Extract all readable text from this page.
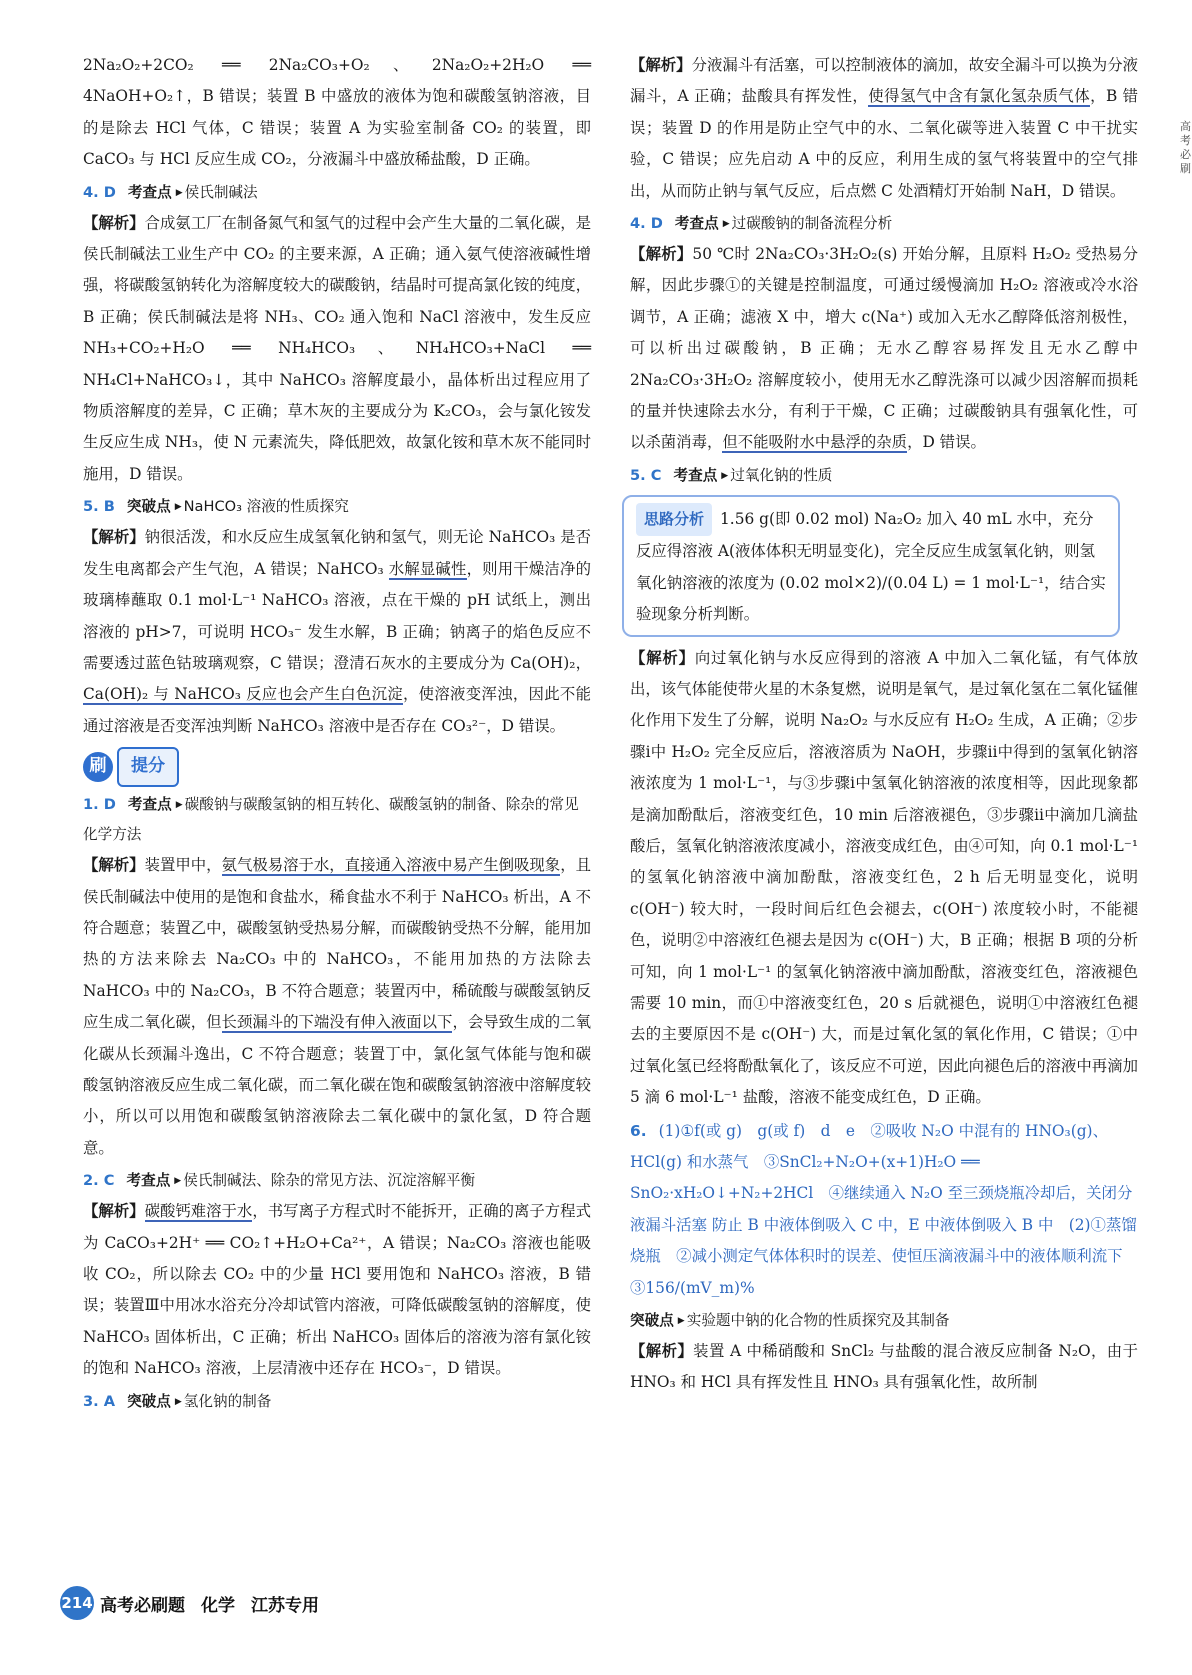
2Na₂O₂+2CO₂ ══ 2Na₂CO₃+O₂、2Na₂O₂+2H₂O ══ 4NaOH+O₂↑，B 错误；装置 B 中盛放的液体为饱和碳酸氢钠溶液，目的是除去 HCl 气体，C 错误；装置 A 为实验室制备 CO₂ 的装置，即 CaCO₃ 与 HCl 反应生成 CO₂，分液漏斗中盛放稀盐酸，D 正确。

4. D 考查点 ▶ 侯氏制碱法

【解析】合成氨工厂在制备氮气和氢气的过程中会产生大量的二氧化碳，是侯氏制碱法工业生产中 CO₂ 的主要来源，A 正确；通入氨气使溶液碱性增强，将碳酸氢钠转化为溶解度较大的碳酸钠，结晶时可提高氯化铵的纯度，B 正确；侯氏制碱法是将 NH₃、CO₂ 通入饱和 NaCl 溶液中，发生反应 NH₃+CO₂+H₂O ══ NH₄HCO₃、NH₄HCO₃+NaCl ══ NH₄Cl+NaHCO₃↓，其中 NaHCO₃ 溶解度最小，晶体析出过程应用了物质溶解度的差异，C 正确；草木灰的主要成分为 K₂CO₃，会与氯化铵发生反应生成 NH₃，使 N 元素流失，降低肥效，故氯化铵和草木灰不能同时施用，D 错误。

5. B 突破点 ▶ NaHCO₃ 溶液的性质探究

【解析】钠很活泼，和水反应生成氢氧化钠和氢气，则无论 NaHCO₃ 是否发生电离都会产生气泡，A 错误；NaHCO₃ 水解显碱性，则用干燥洁净的玻璃棒蘸取 0.1 mol·L⁻¹ NaHCO₃ 溶液，点在干燥的 pH 试纸上，测出溶液的 pH>7，可说明 HCO₃⁻ 发生水解，B 正确；钠离子的焰色反应不需要透过蓝色钴玻璃观察，C 错误；澄清石灰水的主要成分为 Ca(OH)₂，Ca(OH)₂ 与 NaHCO₃ 反应也会产生白色沉淀，使溶液变浑浊，因此不能通过溶液是否变浑浊判断 NaHCO₃ 溶液中是否存在 CO₃²⁻，D 错误。

刷	提分
1. D 考查点 ▶ 碳酸钠与碳酸氢钠的相互转化、碳酸氢钠的制备、除杂的常见化学方法

【解析】装置甲中，氨气极易溶于水，直接通入溶液中易产生倒吸现象，且侯氏制碱法中使用的是饱和食盐水，稀食盐水不利于 NaHCO₃ 析出，A 不符合题意；装置乙中，碳酸氢钠受热易分解，而碳酸钠受热不分解，能用加热的方法来除去 Na₂CO₃ 中的 NaHCO₃，不能用加热的方法除去 NaHCO₃ 中的 Na₂CO₃，B 不符合题意；装置丙中，稀硫酸与碳酸氢钠反应生成二氧化碳，但长颈漏斗的下端没有伸入液面以下，会导致生成的二氧化碳从长颈漏斗逸出，C 不符合题意；装置丁中，氯化氢气体能与饱和碳酸氢钠溶液反应生成二氧化碳，而二氧化碳在饱和碳酸氢钠溶液中溶解度较小，所以可以用饱和碳酸氢钠溶液除去二氧化碳中的氯化氢，D 符合题意。

2. C 考查点 ▶ 侯氏制碱法、除杂的常见方法、沉淀溶解平衡

【解析】碳酸钙难溶于水，书写离子方程式时不能拆开，正确的离子方程式为 CaCO₃+2H⁺ ══ CO₂↑+H₂O+Ca²⁺，A 错误；Na₂CO₃ 溶液也能吸收 CO₂，所以除去 CO₂ 中的少量 HCl 要用饱和 NaHCO₃ 溶液，B 错误；装置Ⅲ中用冰水浴充分冷却试管内溶液，可降低碳酸氢钠的溶解度，使 NaHCO₃ 固体析出，C 正确；析出 NaHCO₃ 固体后的溶液为溶有氯化铵的饱和 NaHCO₃ 溶液，上层清液中还存在 HCO₃⁻，D 错误。

3. A 突破点 ▶ 氢化钠的制备

【解析】分液漏斗有活塞，可以控制液体的滴加，故安全漏斗可以换为分液漏斗，A 正确；盐酸具有挥发性，使得氢气中含有氯化氢杂质气体，B 错误；装置 D 的作用是防止空气中的水、二氧化碳等进入装置 C 中干扰实验，C 错误；应先启动 A 中的反应，利用生成的氢气将装置中的空气排出，从而防止钠与氧气反应，后点燃 C 处酒精灯开始制 NaH，D 错误。

4. D 考查点 ▶ 过碳酸钠的制备流程分析

【解析】50 ℃时 2Na₂CO₃·3H₂O₂(s) 开始分解，且原料 H₂O₂ 受热易分解，因此步骤①的关键是控制温度，可通过缓慢滴加 H₂O₂ 溶液或冷水浴调节，A 正确；滤液 X 中，增大 c(Na⁺) 或加入无水乙醇降低溶剂极性，可以析出过碳酸钠，B 正确；无水乙醇容易挥发且无水乙醇中 2Na₂CO₃·3H₂O₂ 溶解度较小，使用无水乙醇洗涤可以减少因溶解而损耗的量并快速除去水分，有利于干燥，C 正确；过碳酸钠具有强氧化性，可以杀菌消毒，但不能吸附水中悬浮的杂质，D 错误。

5. C 考查点 ▶ 过氧化钠的性质
思路分析 1.56 g(即 0.02 mol) Na₂O₂ 加入 40 mL 水中，充分反应得溶液 A(液体体积无明显变化)，完全反应生成氢氧化钠，则氢氧化钠溶液的浓度为 (0.02 mol×2)/(0.04 L) = 1 mol·L⁻¹，结合实验现象分析判断。

【解析】向过氧化钠与水反应得到的溶液 A 中加入二氧化锰，有气体放出，该气体能使带火星的木条复燃，说明是氧气，是过氧化氢在二氧化锰催化作用下发生了分解，说明 Na₂O₂ 与水反应有 H₂O₂ 生成，A 正确；②步骤ⅰ中 H₂O₂ 完全反应后，溶液溶质为 NaOH，步骤ⅱ中得到的氢氧化钠溶液浓度为 1 mol·L⁻¹，与③步骤ⅰ中氢氧化钠溶液的浓度相等，因此现象都是滴加酚酞后，溶液变红色，10 min 后溶液褪色，③步骤ⅱ中滴加几滴盐酸后，氢氧化钠溶液浓度减小，溶液变成红色，由④可知，向 0.1 mol·L⁻¹ 的氢氧化钠溶液中滴加酚酞，溶液变红色，2 h 后无明显变化，说明 c(OH⁻) 较大时，一段时间后红色会褪去，c(OH⁻) 浓度较小时，不能褪色，说明②中溶液红色褪去是因为 c(OH⁻) 大，B 正确；根据 B 项的分析可知，向 1 mol·L⁻¹ 的氢氧化钠溶液中滴加酚酞，溶液变红色，溶液褪色需要 10 min，而①中溶液变红色，20 s 后就褪色，说明①中溶液红色褪去的主要原因不是 c(OH⁻) 大，而是过氧化氢的氧化作用，C 错误；①中过氧化氢已经将酚酞氧化了，该反应不可逆，因此向褪色后的溶液中再滴加 5 滴 6 mol·L⁻¹ 盐酸，溶液不能变成红色，D 正确。

6. (1)①f(或 g)　g(或 f)　d　e　②吸收 N₂O 中混有的 HNO₃(g)、HCl(g) 和水蒸气　③SnCl₂+N₂O+(x+1)H₂O ══ SnO₂·xH₂O↓+N₂+2HCl　④继续通入 N₂O 至三颈烧瓶冷却后，关闭分液漏斗活塞 防止 B 中液体倒吸入 C 中，E 中液体倒吸入 B 中　(2)①蒸馏烧瓶　②减小测定气体体积时的误差、使恒压滴液漏斗中的液体顺利流下　③156/(mV_m)%
突破点 ▶ 实验题中钠的化合物的性质探究及其制备

【解析】装置 A 中稀硝酸和 SnCl₂ 与盐酸的混合液反应制备 N₂O，由于 HNO₃ 和 HCl 具有挥发性且 HNO₃ 具有强氧化性，故所制

高考必刷
214 高考必刷题 化学 江苏专用
